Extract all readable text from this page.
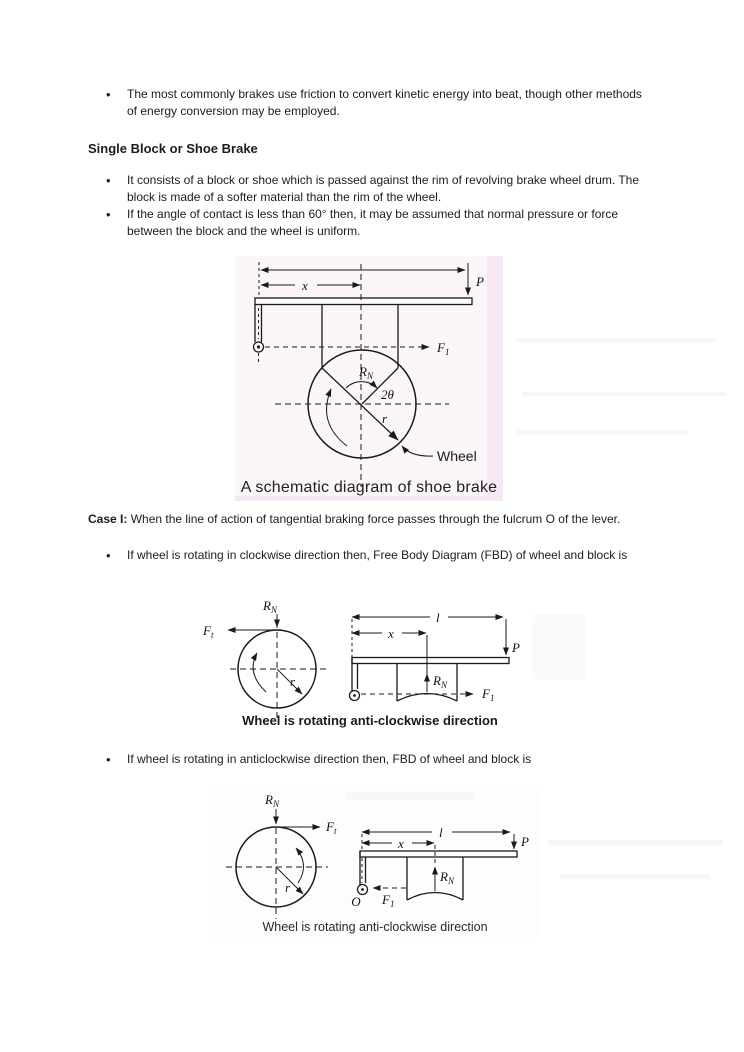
• The most commonly brakes use friction to convert kinetic energy into beat, though other methods of energy conversion may be employed.
Single Block or Shoe Brake
• It consists of a block or shoe which is passed against the rim of revolving brake wheel drum. The block is made of a softer material than the rim of the wheel.
• If the angle of contact is less than 60° then, it may be assumed that normal pressure or force between the block and the wheel is uniform.
x	P
$F_1$
$R_N$
2θ
r
Wheel
A schematic diagram of shoe brake
Case I: When the line of action of tangential braking force passes through the fulcrum O of the lever.
• If wheel is rotating in clockwise direction then, Free Body Diagram (FBD) of wheel and block is
$R_N$
$F_t$
r
l
x
P
$R_N$
$F_1$
Wheel is rotating anti-clockwise direction
• If wheel is rotating in anticlockwise direction then, FBD of wheel and block is
$R_N$
$F_t$
r
l
x
O
P
$R_N$
$F_1$
Wheel is rotating anti-clockwise direction
